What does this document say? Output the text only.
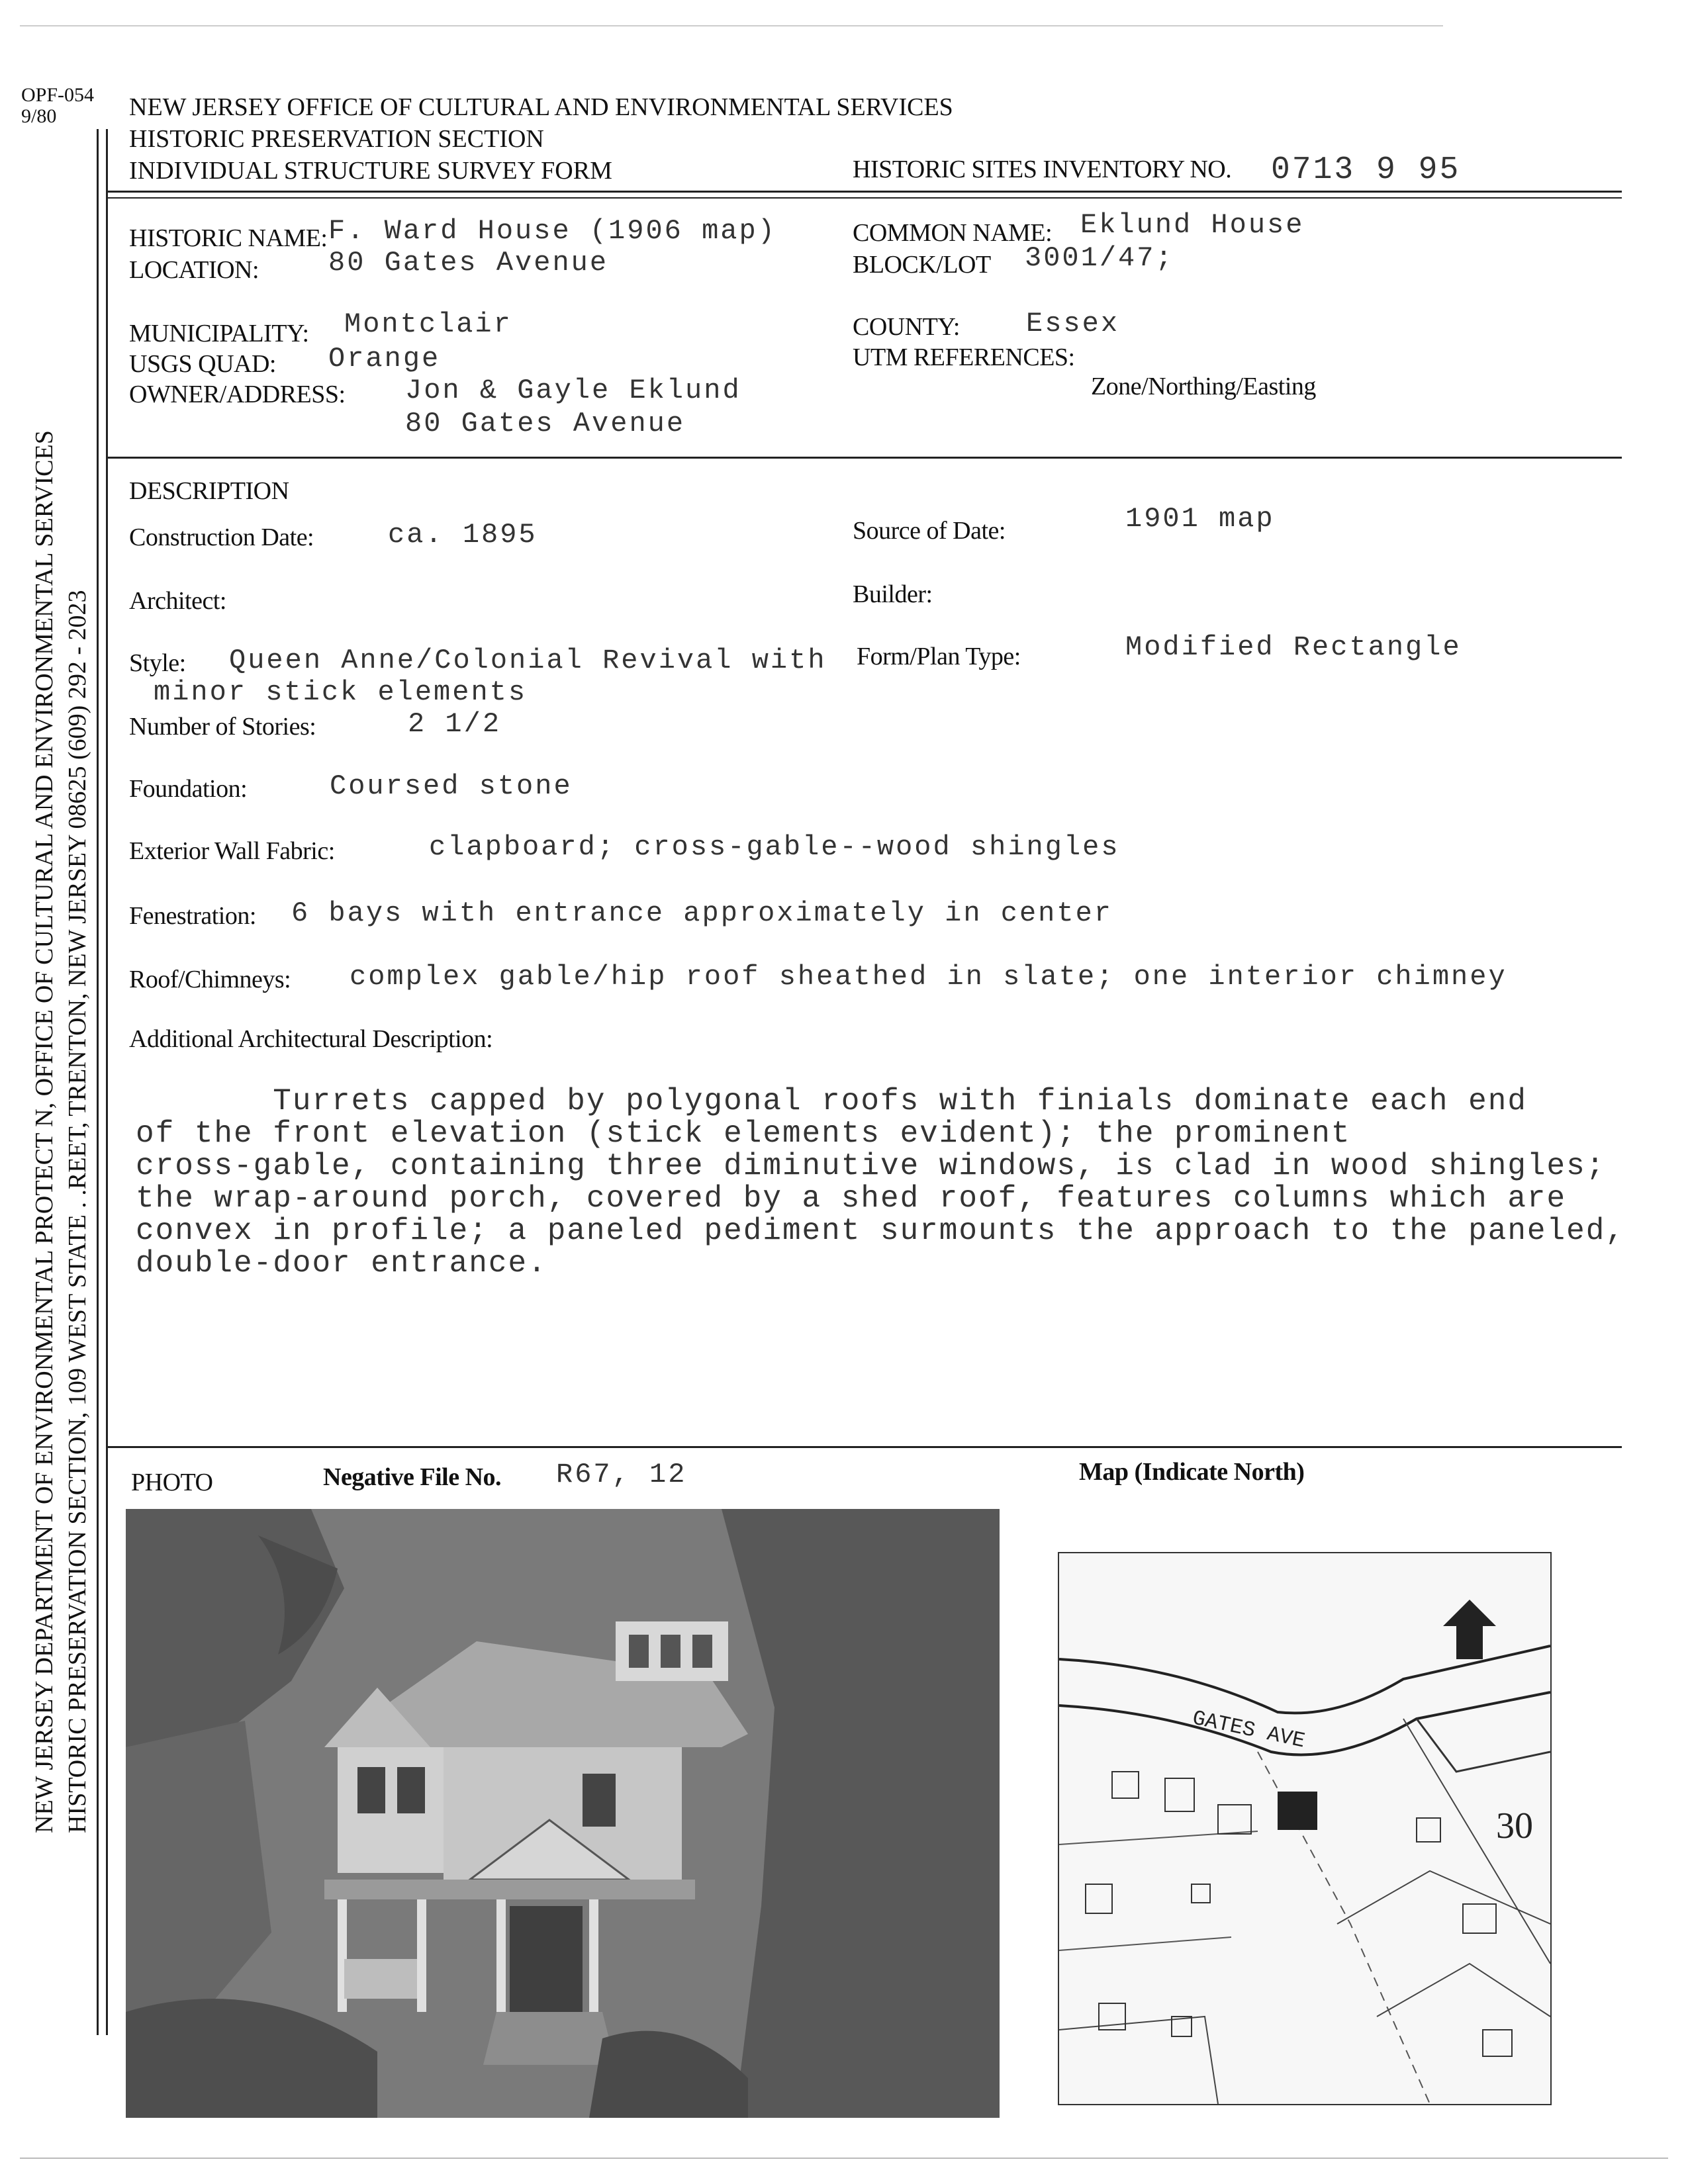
OPF-054
9/80
NEW JERSEY DEPARTMENT OF ENVIRONMENTAL PROTECT N, OFFICE OF CULTURAL AND ENVIRONMENTAL SERVICES HISTORIC PRESERVATION SECTION, 109 WEST STATE . .REET, TRENTON, NEW JERSEY 08625 (609) 292 - 2023
NEW JERSEY OFFICE OF CULTURAL AND ENVIRONMENTAL SERVICES
HISTORIC PRESERVATION SECTION
INDIVIDUAL STRUCTURE SURVEY FORM	HISTORIC SITES INVENTORY NO. 0713 9 95
HISTORIC NAME: F. Ward House (1906 map)	COMMON NAME: Eklund House
LOCATION: 80 Gates Avenue	BLOCK/LOT 3001/47;
MUNICIPALITY: Montclair	COUNTY: Essex
USGS QUAD: Orange	UTM REFERENCES:
Zone/Northing/Easting
OWNER/ADDRESS: Jon & Gayle Eklund
80 Gates Avenue
DESCRIPTION
Construction Date:	ca. 1895	Source of Date:	1901 map
Architect:	Builder:
Style: Queen Anne/Colonial Revival with
minor stick elements
Form/Plan Type:	Modified Rectangle
Number of Stories:	2 1/2
Foundation:	Coursed stone
Exterior Wall Fabric:	clapboard; cross-gable--wood shingles
Fenestration: 6 bays with entrance approximately in center
Roof/Chimneys: complex gable/hip roof sheathed in slate; one interior chimney
Additional Architectural Description:
Turrets capped by polygonal roofs with finials dominate each end
of the front elevation (stick elements evident); the prominent
cross-gable, containing three diminutive windows, is clad in wood shingles;
the wrap-around porch, covered by a shed roof, features columns which are
convex in profile; a paneled pediment surmounts the approach to the paneled,
double-door entrance.
PHOTO	Negative File No. R67, 12	Map (Indicate North)
GATES AVE
30
